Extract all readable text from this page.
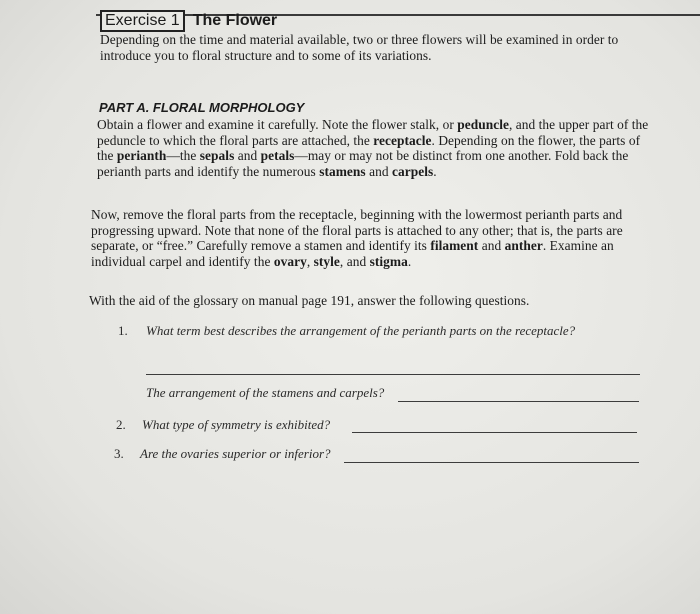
Exercise 1 The Flower

Depending on the time and material available, two or three flowers will be examined in order to introduce you to floral structure and to some of its variations.

PART A. FLORAL MORPHOLOGY

Obtain a flower and examine it carefully. Note the flower stalk, or peduncle, and the upper part of the peduncle to which the floral parts are attached, the receptacle. Depending on the flower, the parts of the perianth—the sepals and petals—may or may not be distinct from one another. Fold back the perianth parts and identify the numerous stamens and carpels.

Now, remove the floral parts from the receptacle, beginning with the lowermost perianth parts and progressing upward. Note that none of the floral parts is attached to any other; that is, the parts are separate, or “free.” Carefully remove a stamen and identify its filament and anther. Examine an individual carpel and identify the ovary, style, and stigma.

With the aid of the glossary on manual page 191, answer the following questions.

1. What term best describes the arrangement of the perianth parts on the receptacle?
The arrangement of the stamens and carpels?
2. What type of symmetry is exhibited?
3. Are the ovaries superior or inferior?
